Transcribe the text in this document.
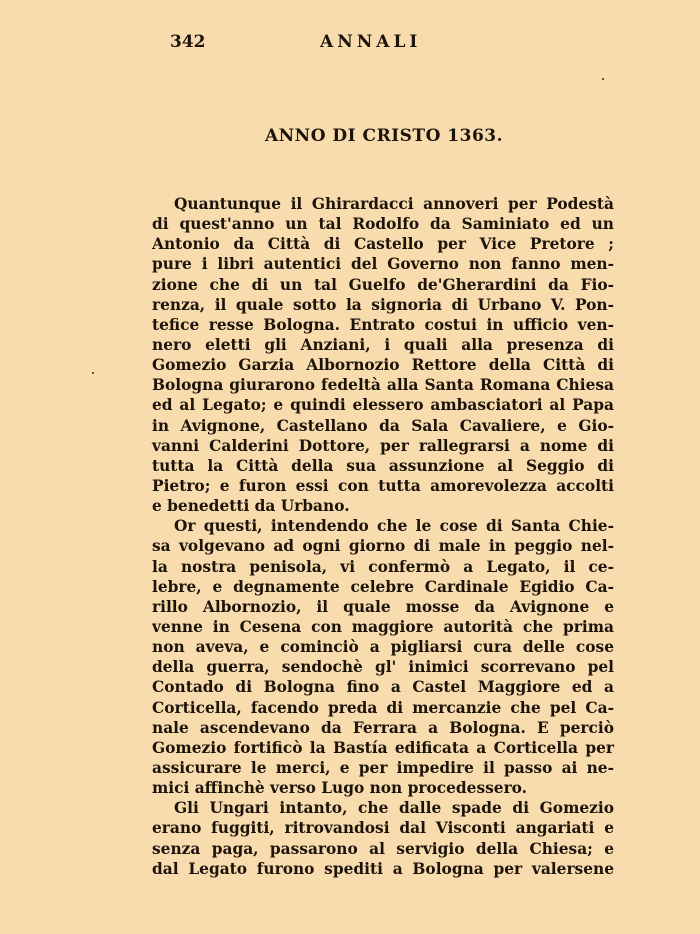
342	ANNALI
ANNO DI CRISTO 1363.
Quantunque il Ghirardacci annoveri per Podestà
di quest'anno un tal Rodolfo da Saminiato ed un
Antonio da Città di Castello per Vice Pretore ;
pure i libri autentici del Governo non fanno men-
zione che di un tal Guelfo de'Gherardini da Fio-
renza, il quale sotto la signoria di Urbano V. Pon-
tefice resse Bologna. Entrato costui in ufficio ven-
nero eletti gli Anziani, i quali alla presenza di
Gomezio Garzia Albornozio Rettore della Città di
Bologna giurarono fedeltà alla Santa Romana Chiesa
ed al Legato; e quindi elessero ambasciatori al Papa
in Avignone, Castellano da Sala Cavaliere, e Gio-
vanni Calderini Dottore, per rallegrarsi a nome di
tutta la Città della sua assunzione al Seggio di
Pietro; e furon essi con tutta amorevolezza accolti
e benedetti da Urbano.
Or questi, intendendo che le cose di Santa Chie-
sa volgevano ad ogni giorno di male in peggio nel-
la nostra penisola, vi confermò a Legato, il ce-
lebre, e degnamente celebre Cardinale Egidio Ca-
rillo Albornozio, il quale mosse da Avignone e
venne in Cesena con maggiore autorità che prima
non aveva, e cominciò a pigliarsi cura delle cose
della guerra, sendochè gl' inimici scorrevano pel
Contado di Bologna fino a Castel Maggiore ed a
Corticella, facendo preda di mercanzie che pel Ca-
nale ascendevano da Ferrara a Bologna. E perciò
Gomezio fortificò la Bastía edificata a Corticella per
assicurare le merci, e per impedire il passo ai ne-
mici affinchè verso Lugo non procedessero.
Gli Ungari intanto, che dalle spade di Gomezio
erano fuggiti, ritrovandosi dal Visconti angariati e
senza paga, passarono al servigio della Chiesa; e
dal Legato furono spediti a Bologna per valersene
